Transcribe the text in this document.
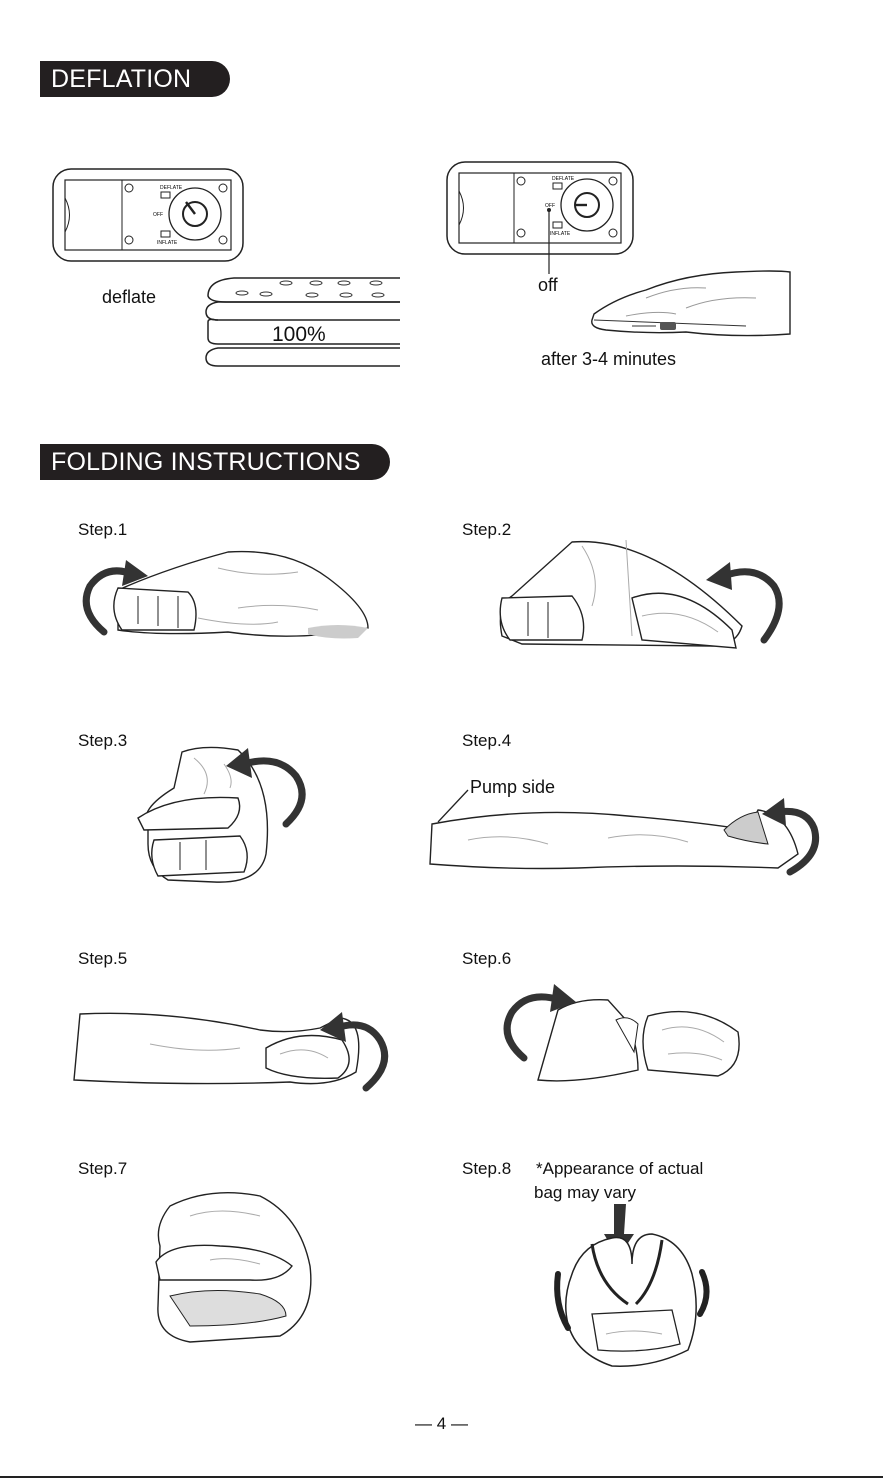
DEFLATION
FOLDING INSTRUCTIONS
DEFLATE
OFF
INFLATE
DEFLATE
OFF
INFLATE
deflate
off
100%
after 3-4 minutes
Step.1	Step.2
Step.3	Step.4
Step.5	Step.6
Step.7	Step.8 *Appearance of actual
bag may vary
Pump side
— 4 —
